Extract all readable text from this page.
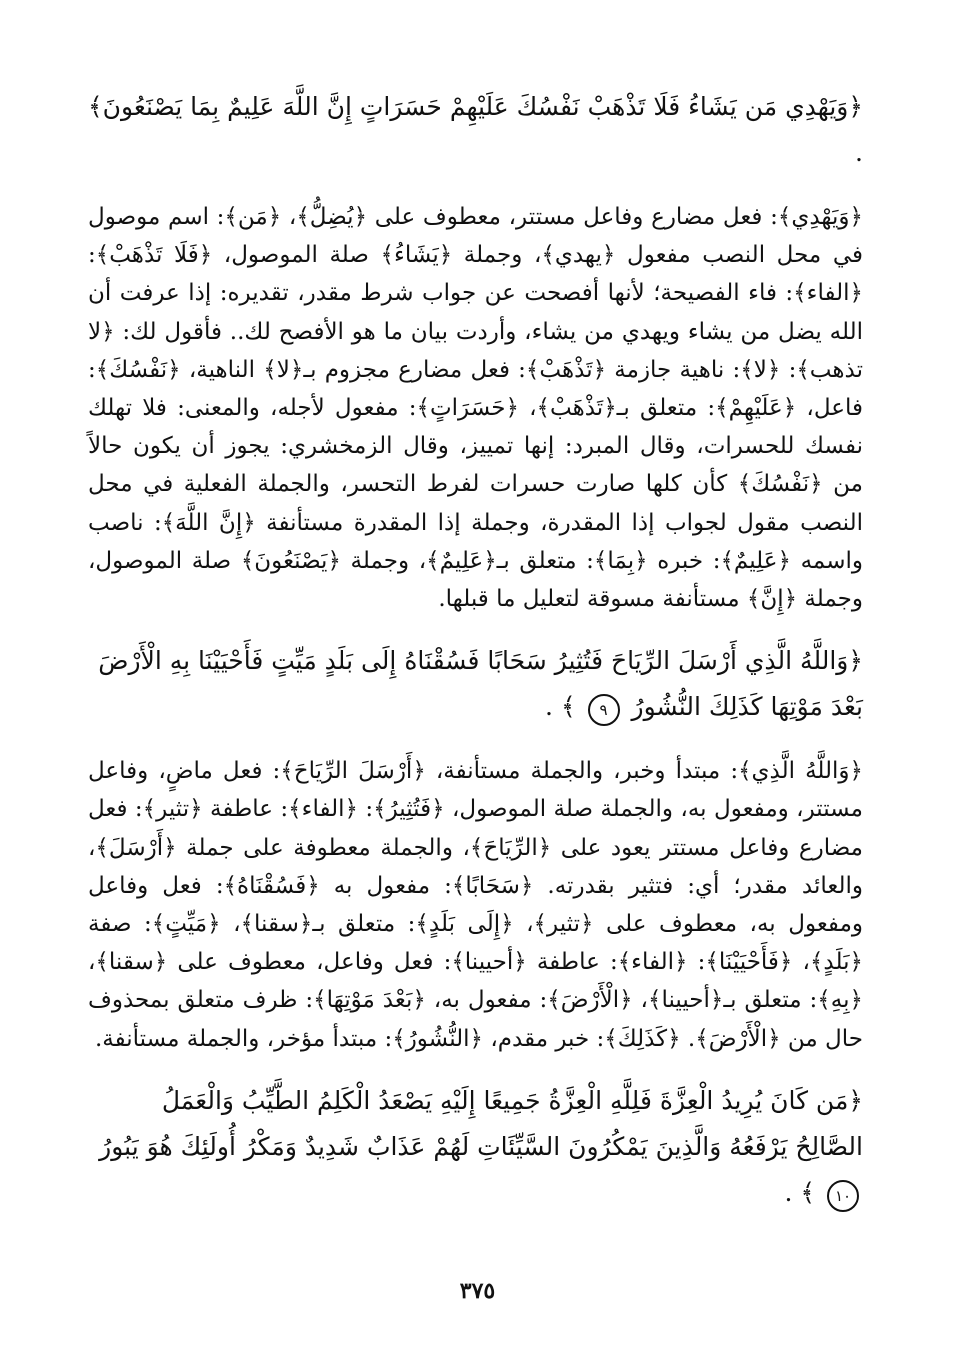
﴿وَيَهْدِي مَن يَشَاءُ فَلَا تَذْهَبْ نَفْسُكَ عَلَيْهِمْ حَسَرَاتٍ إِنَّ اللَّهَ عَلِيمٌ بِمَا يَصْنَعُونَ﴾ .

﴿وَيَهْدِي﴾: فعل مضارع وفاعل مستتر، معطوف على ﴿يُضِلُّ﴾، ﴿مَن﴾: اسم موصول في محل النصب مفعول ﴿يهدي﴾، وجملة ﴿يَشَاءُ﴾ صلة الموصول، ﴿فَلَا تَذْهَبْ﴾: ﴿الفاء﴾: فاء الفصيحة؛ لأنها أفصحت عن جواب شرط مقدر، تقديره: إذا عرفت أن الله يضل من يشاء ويهدي من يشاء، وأردت بيان ما هو الأفصح لك.. فأقول لك: ﴿لا تذهب﴾: ﴿لا﴾: ناهية جازمة ﴿تَذْهَبْ﴾: فعل مضارع مجزوم بـ﴿لا﴾ الناهية، ﴿نَفْسُكَ﴾: فاعل، ﴿عَلَيْهِمْ﴾: متعلق بـ﴿تَذْهَبْ﴾، ﴿حَسَرَاتٍ﴾: مفعول لأجله، والمعنى: فلا تهلك نفسك للحسرات، وقال المبرد: إنها تمييز، وقال الزمخشري: يجوز أن يكون حالاً من ﴿نَفْسُكَ﴾ كأن كلها صارت حسرات لفرط التحسر، والجملة الفعلية في محل النصب مقول لجواب إذا المقدرة، وجملة إذا المقدرة مستأنفة ﴿إِنَّ اللَّهَ﴾: ناصب واسمه ﴿عَلِيمٌ﴾: خبره ﴿بِمَا﴾: متعلق بـ﴿عَلِيمٌ﴾، وجملة ﴿يَصْنَعُونَ﴾ صلة الموصول، وجملة ﴿إِنَّ﴾ مستأنفة مسوقة لتعليل ما قبلها.

﴿وَاللَّهُ الَّذِي أَرْسَلَ الرِّيَاحَ فَتُثِيرُ سَحَابًا فَسُقْنَاهُ إِلَى بَلَدٍ مَيِّتٍ فَأَحْيَيْنَا بِهِ الْأَرْضَ بَعْدَ مَوْتِهَا كَذَلِكَ النُّشُورُ ٩ ﴾ .

﴿وَاللَّهُ الَّذِي﴾: مبتدأ وخبر، والجملة مستأنفة، ﴿أَرْسَلَ الرِّيَاحَ﴾: فعل ماضٍ، وفاعل مستتر، ومفعول به، والجملة صلة الموصول، ﴿فَتُثِيرُ﴾: ﴿الفاء﴾: عاطفة ﴿تثير﴾: فعل مضارع وفاعل مستتر يعود على ﴿الرِّيَاحَ﴾، والجملة معطوفة على جملة ﴿أَرْسَلَ﴾، والعائد مقدر؛ أي: فتثير بقدرته. ﴿سَحَابًا﴾: مفعول به ﴿فَسُقْنَاهُ﴾: فعل وفاعل ومفعول به، معطوف على ﴿تثير﴾، ﴿إِلَى بَلَدٍ﴾: متعلق بـ﴿سقنا﴾، ﴿مَيِّتٍ﴾: صفة ﴿بَلَدٍ﴾، ﴿فَأَحْيَيْنَا﴾: ﴿الفاء﴾: عاطفة ﴿أحيينا﴾: فعل وفاعل، معطوف على ﴿سقنا﴾، ﴿بِهِ﴾: متعلق بـ﴿أحيينا﴾، ﴿الْأَرْضَ﴾: مفعول به، ﴿بَعْدَ مَوْتِهَا﴾: ظرف متعلق بمحذوف حال من ﴿الْأَرْضَ﴾. ﴿كَذَلِكَ﴾: خبر مقدم، ﴿النُّشُورُ﴾: مبتدأ مؤخر، والجملة مستأنفة.

﴿مَن كَانَ يُرِيدُ الْعِزَّةَ فَلِلَّهِ الْعِزَّةُ جَمِيعًا إِلَيْهِ يَصْعَدُ الْكَلِمُ الطَّيِّبُ وَالْعَمَلُ الصَّالِحُ يَرْفَعُهُ وَالَّذِينَ يَمْكُرُونَ السَّيِّئَاتِ لَهُمْ عَذَابٌ شَدِيدٌ وَمَكْرُ أُولَئِكَ هُوَ يَبُورُ ١٠ ﴾ .

٣٧٥
